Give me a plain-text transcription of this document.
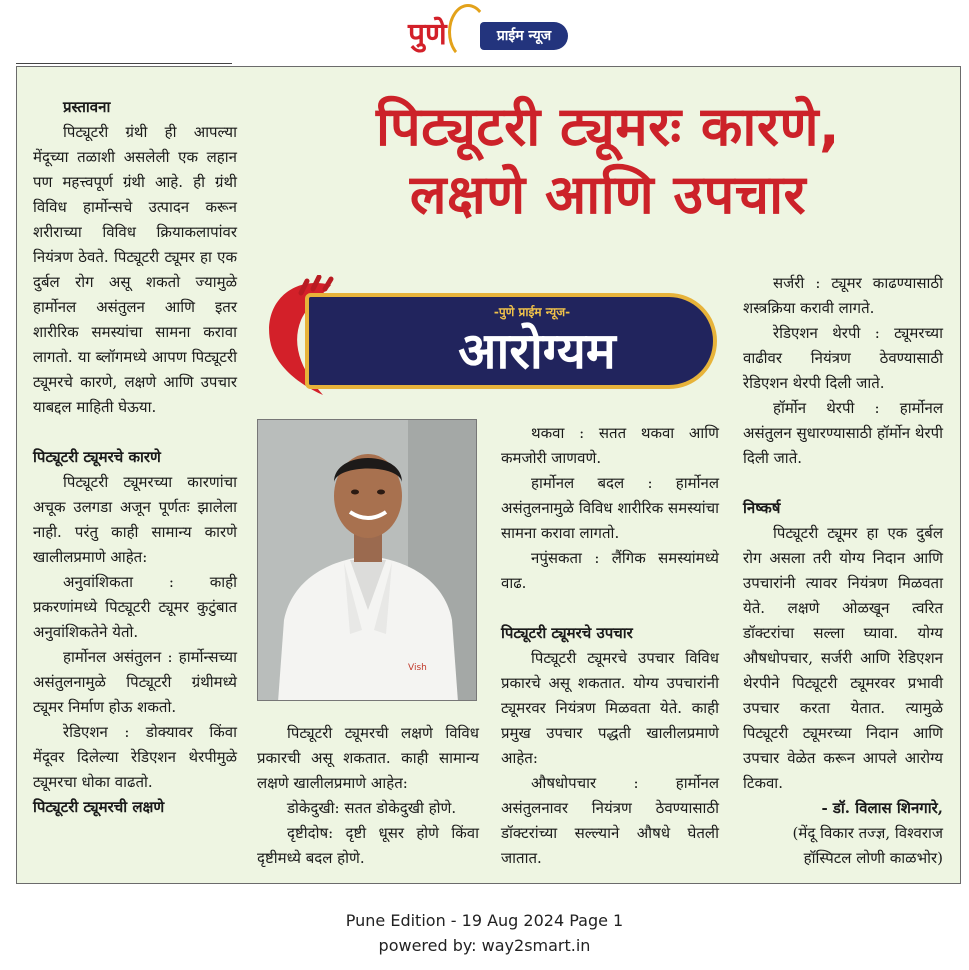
पुणे	प्राईम न्यूज
पिट्यूटरी ट्यूमरः कारणे,
लक्षणे आणि उपचार
-पुणे प्राईम न्यूज-
आरोग्यम
Vish
प्रस्तावना

पिट्यूटरी ग्रंथी ही आपल्या मेंदूच्या तळाशी असलेली एक लहान पण महत्त्वपूर्ण ग्रंथी आहे. ही ग्रंथी विविध हार्मोन्सचे उत्पादन करून शरीराच्या विविध क्रियाकलापांवर नियंत्रण ठेवते. पिट्यूटरी ट्यूमर हा एक दुर्बल रोग असू शकतो ज्यामुळे हार्मोनल असंतुलन आणि इतर शारीरिक समस्यांचा सामना करावा लागतो. या ब्लॉगमध्ये आपण पिट्यूटरी ट्यूमरचे कारणे, लक्षणे आणि उपचार याबद्दल माहिती घेऊया.

पिट्यूटरी ट्यूमरचे कारणे

पिट्यूटरी ट्यूमरच्या कारणांचा अचूक उलगडा अजून पूर्णतः झालेला नाही. परंतु काही सामान्य कारणे खालीलप्रमाणे आहेत:

अनुवांशिकता : काही प्रकरणांमध्ये पिट्यूटरी ट्यूमर कुटुंबात अनुवांशिकतेने येतो.

हार्मोनल असंतुलन : हार्मोन्सच्या असंतुलनामुळे पिट्यूटरी ग्रंथीमध्ये ट्यूमर निर्माण होऊ शकतो.

रेडिएशन : डोक्यावर किंवा मेंदूवर दिलेल्या रेडिएशन थेरपीमुळे ट्यूमरचा धोका वाढतो.

पिट्यूटरी ट्यूमरची लक्षणे

पिट्यूटरी ट्यूमरची लक्षणे विविध प्रकारची असू शकतात. काही सामान्य लक्षणे खालीलप्रमाणे आहेत:

डोकेदुखी: सतत डोकेदुखी होणे.

दृष्टीदोष: दृष्टी धूसर होणे किंवा दृष्टीमध्ये बदल होणे.

थकवा : सतत थकवा आणि कमजोरी जाणवणे.

हार्मोनल बदल : हार्मोनल असंतुलनामुळे विविध शारीरिक समस्यांचा सामना करावा लागतो.

नपुंसकता : लैंगिक समस्यांमध्ये वाढ.

पिट्यूटरी ट्यूमरचे उपचार

पिट्यूटरी ट्यूमरचे उपचार विविध प्रकारचे असू शकतात. योग्य उपचारांनी ट्यूमरवर नियंत्रण मिळवता येते. काही प्रमुख उपचार पद्धती खालीलप्रमाणे आहेत:

औषधोपचार : हार्मोनल असंतुलनावर नियंत्रण ठेवण्यासाठी डॉक्टरांच्या सल्ल्याने औषधे घेतली जातात.

सर्जरी : ट्यूमर काढण्यासाठी शस्त्रक्रिया करावी लागते.

रेडिएशन थेरपी : ट्यूमरच्या वाढीवर नियंत्रण ठेवण्यासाठी रेडिएशन थेरपी दिली जाते.

हॉर्मोन थेरपी : हार्मोनल असंतुलन सुधारण्यासाठी हॉर्मोन थेरपी दिली जाते.

निष्कर्ष

पिट्यूटरी ट्यूमर हा एक दुर्बल रोग असला तरी योग्य निदान आणि उपचारांनी त्यावर नियंत्रण मिळवता येते. लक्षणे ओळखून त्वरित डॉक्टरांचा सल्ला घ्यावा. योग्य औषधोपचार, सर्जरी आणि रेडिएशन थेरपीने पिट्यूटरी ट्यूमरवर प्रभावी उपचार करता येतात. त्यामुळे पिट्यूटरी ट्यूमरच्या निदान आणि उपचार वेळेत करून आपले आरोग्य टिकवा.

- डॉ. विलास शिनगारे,

(मेंदू विकार तज्ज्ञ, विश्वराज हॉस्पिटल लोणी काळभोर)

Pune Edition - 19 Aug 2024 Page 1
powered by: way2smart.in
